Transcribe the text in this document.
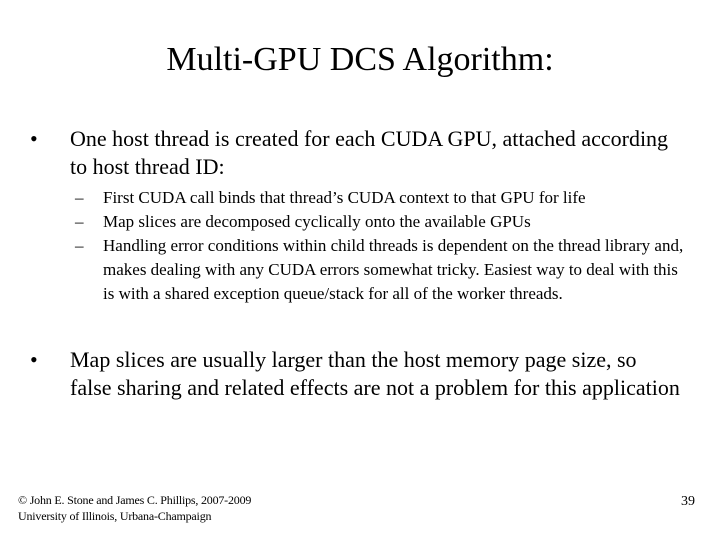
Multi-GPU DCS Algorithm:
•	One host thread is created for each CUDA GPU, attached according to host thread ID:
– First CUDA call binds that thread’s CUDA context to that GPU for life
– Map slices are decomposed cyclically onto the available GPUs
– Handling error conditions within child threads is dependent on the thread library and, makes dealing with any CUDA errors somewhat tricky. Easiest way to deal with this is with a shared exception queue/stack for all of the worker threads.
•	Map slices are usually larger than the host memory page size, so false sharing and related effects are not a problem for this application
© John E. Stone and James C. Phillips, 2007-2009
University of Illinois, Urbana-Champaign
39
